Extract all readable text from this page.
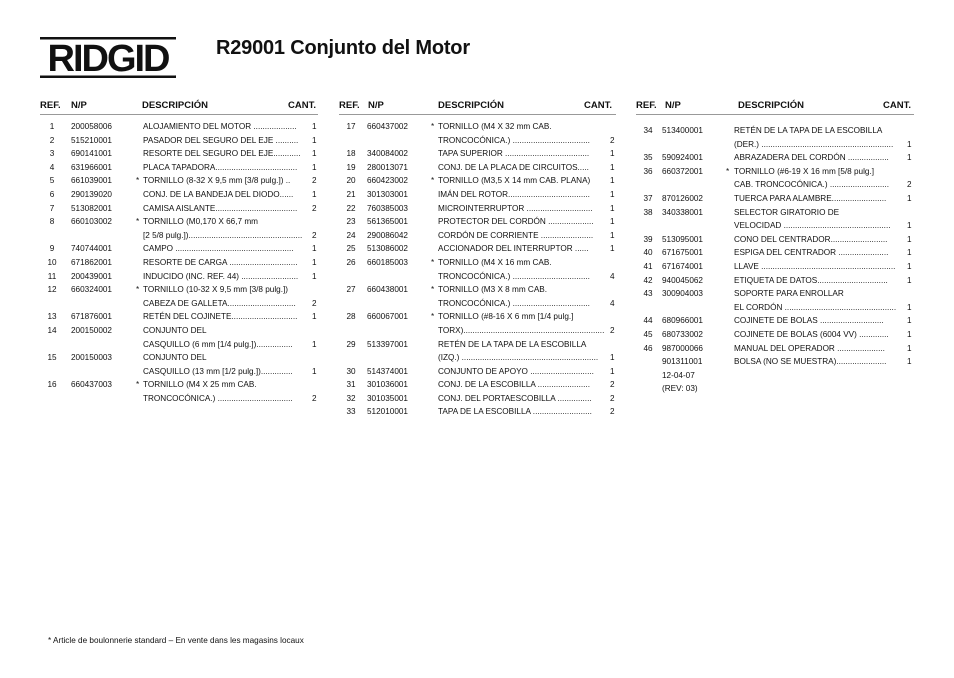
RIDGID .
R29001 Conjunto del Motor
REF. N/P	DESCRIPCIÓN	CANT.
1	200058006	ALOJAMIENTO DEL MOTOR ...................	1
2	515210001	PASADOR DEL SEGURO DEL EJE ..........	1
3	690141001	RESORTE DEL SEGURO DEL EJE............	1
4	631966001	PLACA TAPADORA....................................	1
5	661039001	* TORNILLO (8-32 X 9,5 mm [3/8 pulg.]) ..	2
6	290139020	CONJ. DE LA BANDEJA DEL DIODO......	1
7	513082001	CAMISA AISLANTE....................................	2
8	660103002	* TORNILLO (M0,170 X 66,7 mm
[2 5/8 pulg.])..................................................	2
9	740744001	CAMPO ....................................................	1
10	671862001	RESORTE DE CARGA ..............................	1
11	200439001	INDUCIDO (INC. REF. 44) .........................	1
12	660324001	* TORNILLO (10-32 X 9,5 mm [3/8 pulg.])
CABEZA DE GALLETA..............................	2
13	671876001	RETÉN DEL COJINETE.............................	1
14	200150002	CONJUNTO DEL
CASQUILLO (6 mm [1/4 pulg.])................	1
15	200150003	CONJUNTO DEL
CASQUILLO (13 mm [1/2 pulg.])..............	1
16	660437003	* TORNILLO (M4 X 25 mm CAB.
TRONCOCÓNICA.) .................................	2
REF. N/P	DESCRIPCIÓN	CANT.
17	660437002	* TORNILLO (M4 X 32 mm CAB.
TRONCOCÓNICA.) ..................................	2
18	340084002	TAPA SUPERIOR .....................................	1
19	280013071	CONJ. DE LA PLACA DE CIRCUITOS.....	1
20	660423002	* TORNILLO (M3,5 X 14 mm CAB. PLANA)	1
21	301303001	IMÁN DEL ROTOR....................................	1
22	760385003	MICROINTERRUPTOR .............................	1
23	561365001	PROTECTOR DEL CORDÓN ....................	1
24	290086042	CORDÓN DE CORRIENTE .......................	1
25	513086002	ACCIONADOR DEL INTERRUPTOR ......	1
26	660185003	* TORNILLO (M4 X 16 mm CAB.
TRONCOCÓNICA.) ..................................	4
27	660438001	* TORNILLO (M3 X 8 mm CAB.
TRONCOCÓNICA.) ..................................	4
28	660067001	* TORNILLO (#8-16 X 6 mm [1/4 pulg.]
TORX).............................................................. 2
29	513397001	RETÉN DE LA TAPA DE LA ESCOBILLA
(IZQ.) ............................................................	1
30	514374001	CONJUNTO DE APOYO ............................	1
31	301036001	CONJ. DE LA ESCOBILLA .......................	2
32	301035001	CONJ. DEL PORTAESCOBILLA ...............	2
33	512010001	TAPA DE LA ESCOBILLA ..........................	2
REF. N/P	DESCRIPCIÓN	CANT.
34	513400001	RETÉN DE LA TAPA DE LA ESCOBILLA
(DER.) ..........................................................	1
35	590924001	ABRAZADERA DEL CORDÓN ..................	1
36	660372001	* TORNILLO (#6-19 X 16 mm [5/8 pulg.]
CAB. TRONCOCÓNICA.) ..........................	2
37	870126002	TUERCA PARA ALAMBRE........................	1
38	340338001	SELECTOR GIRATORIO DE
VELOCIDAD ...............................................	1
39	513095001	CONO DEL CENTRADOR.........................	1
40	671675001	ESPIGA DEL CENTRADOR ......................	1
41	671674001	LLAVE ...........................................................	1
42	940045062	ETIQUETA DE DATOS...............................	1
43	300904003	SOPORTE PARA ENROLLAR
EL CORDÓN .................................................	1
44	680966001	COJINETE DE BOLAS ............................	1
45	680733002	COJINETE DE BOLAS (6004 VV) .............	1
46	987000066	MANUAL DEL OPERADOR .....................	1
901311001	BOLSA (NO SE MUESTRA)......................	1
12-04-07
(REV: 03)
* Article de boulonnerie standard – En vente dans les magasins locaux
